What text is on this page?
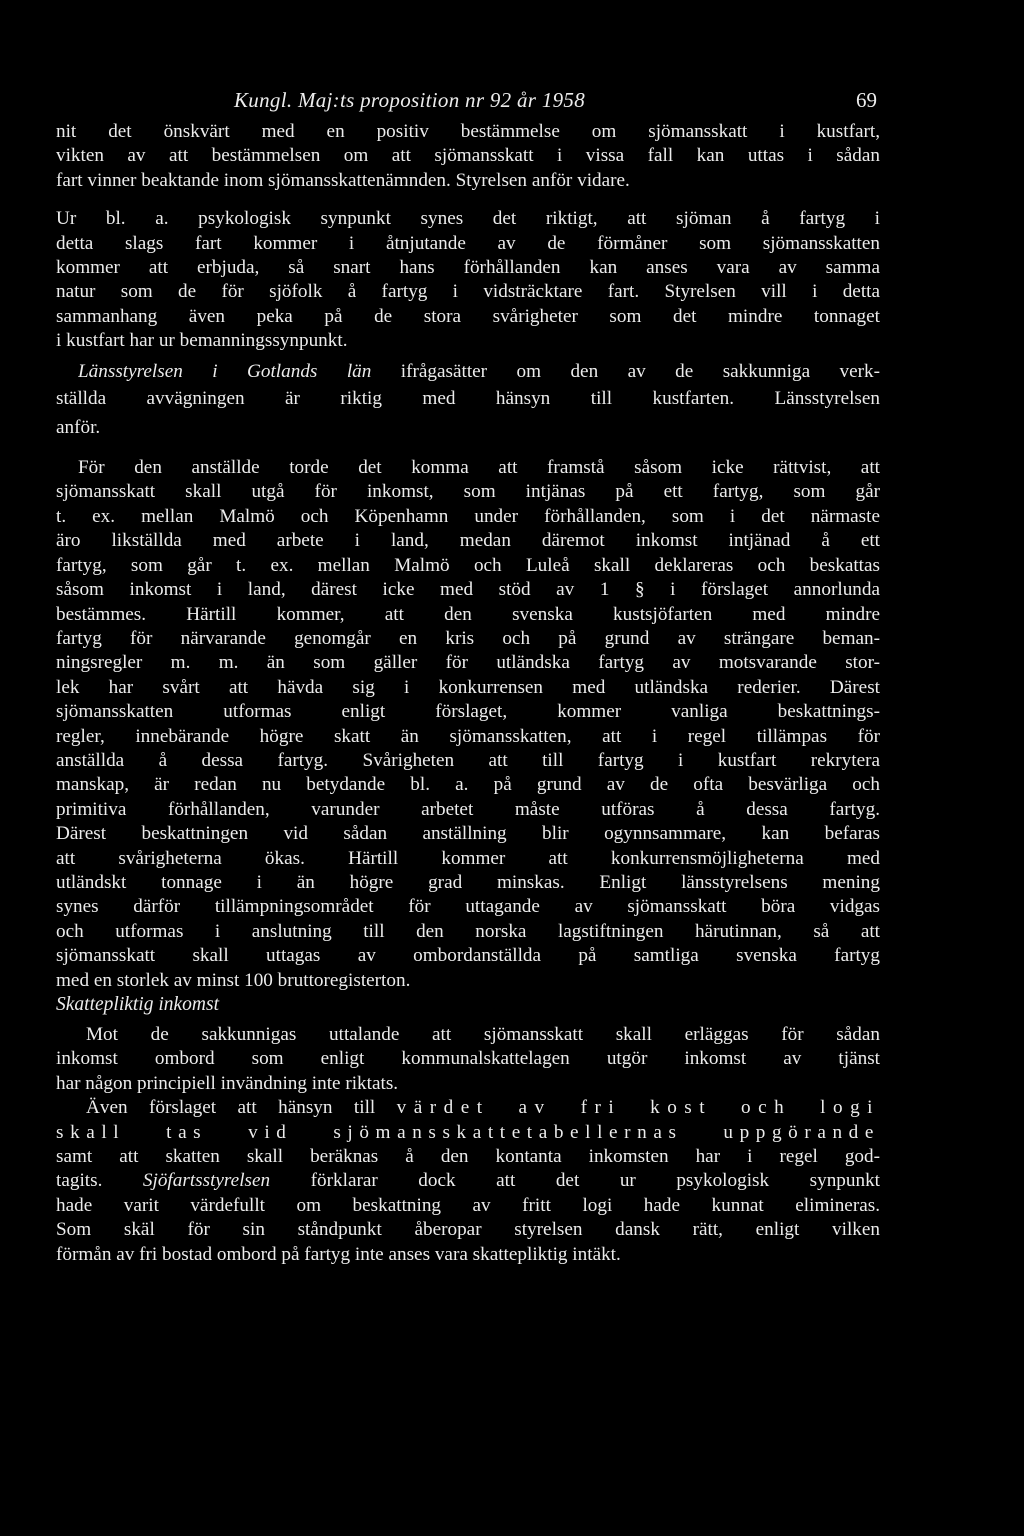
Kungl. Maj:ts proposition nr 92 år 1958	69

nit det önskvärt med en positiv bestämmelse om sjömansskatt i kustfart,
vikten av att bestämmelsen om att sjömansskatt i vissa fall kan uttas i sådan
fart vinner beaktande inom sjömansskattenämnden. Styrelsen anför vidare.

Ur bl. a. psykologisk synpunkt synes det riktigt, att sjöman å fartyg i
detta slags fart kommer i åtnjutande av de förmåner som sjömansskatten
kommer att erbjuda, så snart hans förhållanden kan anses vara av samma
natur som de för sjöfolk å fartyg i vidsträcktare fart. Styrelsen vill i detta
sammanhang även peka på de stora svårigheter som det mindre tonnaget
i kustfart har ur bemanningssynpunkt.

Länsstyrelsen i Gotlands län ifrågasätter om den av de sakkunniga verk-

ställda avvägningen är riktig med hänsyn till kustfarten. Länsstyrelsen
anför.

För den anställde torde det komma att framstå såsom icke rättvist, att
sjömansskatt skall utgå för inkomst, som intjänas på ett fartyg, som går
t. ex. mellan Malmö och Köpenhamn under förhållanden, som i det närmaste
äro likställda med arbete i land, medan däremot inkomst intjänad å ett
fartyg, som går t. ex. mellan Malmö och Luleå skall deklareras och beskattas
såsom inkomst i land, därest icke med stöd av 1 § i förslaget annorlunda
bestämmes. Härtill kommer, att den svenska kustsjöfarten med mindre
fartyg för närvarande genomgår en kris och på grund av strängare beman-
ningsregler m. m. än som gäller för utländska fartyg av motsvarande stor-
lek har svårt att hävda sig i konkurrensen med utländska rederier. Därest
sjömansskatten utformas enligt förslaget, kommer vanliga beskattnings-
regler, innebärande högre skatt än sjömansskatten, att i regel tillämpas för
anställda å dessa fartyg. Svårigheten att till fartyg i kustfart rekrytera
manskap, är redan nu betydande bl. a. på grund av de ofta besvärliga och
primitiva förhållanden, varunder arbetet måste utföras å dessa fartyg.
Därest beskattningen vid sådan anställning blir ogynnsammare, kan befaras
att svårigheterna ökas. Härtill kommer att konkurrensmöjligheterna med
utländskt tonnage i än högre grad minskas. Enligt länsstyrelsens mening
synes därför tillämpningsområdet för uttagande av sjömansskatt böra vidgas
och utformas i anslutning till den norska lagstiftningen härutinnan, så att
sjömansskatt skall uttagas av ombordanställda på samtliga svenska fartyg
med en storlek av minst 100 bruttoregisterton.

Skattepliktig inkomst

Mot de sakkunnigas uttalande att sjömansskatt skall erläggas för sådan
inkomst ombord som enligt kommunalskattelagen utgör inkomst av tjänst
har någon principiell invändning inte riktats.

Även förslaget att hänsyn till värdet av fri kost och logi
skall tas vid sjömansskattetabellernas uppgörande
samt att skatten skall beräknas å den kontanta inkomsten har i regel god-
tagits. Sjöfartsstyrelsen förklarar dock att det ur psykologisk synpunkt
hade varit värdefullt om beskattning av fritt logi hade kunnat elimineras.
Som skäl för sin ståndpunkt åberopar styrelsen dansk rätt, enligt vilken
förmån av fri bostad ombord på fartyg inte anses vara skattepliktig intäkt.
